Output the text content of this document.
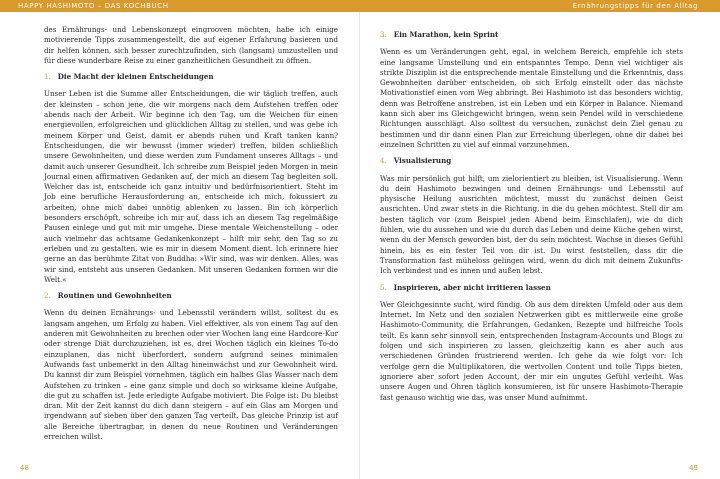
HAPPY HASHIMOTO – DAS KOCHBUCH

des Ernährungs- und Lebenskonzept eingrooven möchten, habe ich einige motivierende Tipps zusammengestellt, die auf eigener Erfahrung basieren und dir helfen können, sich besser zurechtzufinden, sich (langsam) umzustellen und für diese wunderbare Reise zu einer ganzheitlichen Gesundheit zu öffnen.

1. Die Macht der kleinen Entscheidungen

Unser Leben ist die Summe aller Entscheidungen, die wir täglich treffen, auch der kleinsten – schon jene, die wir morgens nach dem Aufstehen treffen oder abends nach der Arbeit. Wir beginne ich den Tag, um die Weichen für einen energievollen, erfolgreichen und glücklichen Alltag zu stellen, und was gebe ich meinem Körper und Geist, damit er abends ruhen und Kraft tanken kann? Entscheidungen, die wir bewusst (immer wieder) treffen, bilden schließlich unsere Gewohnheiten, und diese werden zum Fundament unseres Alltags – und damit auch unserer Gesundheit. Ich schreibe zum Beispiel jeden Morgen in mein Journal einen affirmativen Gedanken auf, der mich an diesem Tag begleiten soll. Welcher das ist, entscheide ich ganz intuitiv und bedürfnisorientiert. Steht im Job eine berufliche Herausforderung an, entscheide ich mich, fokussiert zu arbeiten, ohne mich dabei unnötig ablenken zu lassen. Bin ich körperlich besonders erschöpft, schreibe ich mir auf, dass ich an diesem Tag regelmäßige Pausen einlege und gut mit mir umgehe. Diese mentale Weichenstellung – oder auch vielmehr das achtsame Gedankenkonzept – hilft mir sehr, den Tag so zu erleben und zu gestalten, wie es mir in diesem Moment dient. Ich erinnere hier gerne an das berühmte Zitat von Buddha: »Wir sind, was wir denken. Alles, was wir sind, entsteht aus unseren Gedanken. Mit unseren Gedanken formen wir die Welt.«

2. Routinen und Gewohnheiten

Wenn du deinen Ernährungs- und Lebensstil verändern willst, solltest du es langsam angehen, um Erfolg zu haben. Viel effektiver, als von einem Tag auf den anderen mit Gewohnheiten zu brechen oder vier Wochen lang eine Hardcore-Kur oder strenge Diät durchzuziehen, ist es, drei Wochen täglich ein kleines To-do einzuplanen, das nicht überfordert, sondern aufgrund seines minimalen Aufwands fast unbemerkt in den Alltag hineinwächst und zur Gewohnheit wird. Du kannst dir zum Beispiel vornehmen, täglich ein halbes Glas Wasser nach dem Aufstehen zu trinken – eine ganz simple und doch so wirksame kleine Aufgabe, die gut zu schaffen ist. Jede erledigte Aufgabe motiviert. Die Folge ist: Du bleibst dran. Mit der Zeit kannst du dich dann steigern – auf ein Glas am Morgen und irgendwann auf sieben über den ganzen Tag verteilt. Das gleiche Prinzip ist auf alle Bereiche übertragbar, in denen du neue Routinen und Veränderungen erreichen willst.

48
Ernährungstipps für den Alltag
3. Ein Marathon, kein Sprint

Wenn es um Veränderungen geht, egal, in welchem Bereich, empfehle ich stets eine langsame Umstellung und ein entspanntes Tempo. Denn viel wichtiger als strikte Disziplin ist die entsprechende mentale Einstellung und die Erkenntnis, dass Gewohnheiten darüber entscheiden, ob sich Erfolg einstellt oder das nächste Motivationstief einen vom Weg abbringt. Bei Hashimoto ist das besonders wichtig, denn was Betroffene anstreben, ist ein Leben und ein Körper in Balance. Niemand kann sich aber ins Gleichgewicht bringen, wenn sein Pendel wild in verschiedene Richtungen ausschlägt. Also solltest du versuchen, zunächst dein Ziel genau zu bestimmen und dir dann einen Plan zur Erreichung überlegen, ohne dir dabei bei einzelnen Schritten zu viel auf einmal vorzunehmen.

4. Visualisierung

Was mir persönlich gut hilft, um zielorientiert zu bleiben, ist Visualisierung. Wenn du dein Hashimoto bezwingen und deinen Ernährungs- und Lebensstil auf physische Heilung ausrichten möchtest, musst du zunächst deinen Geist ausrichten. Und zwar stets in die Richtung, in die du gehen möchtest. Stell dir am besten täglich vor (zum Beispiel jeden Abend beim Einschlafen), wie du dich fühlen, wie du aussehen und wie du durch das Leben und deine Küche gehen wirst, wenn du der Mensch geworden bist, der du sein möchtest. Wachse in dieses Gefühl hinein, bis es ein fester Teil von dir ist. Du wirst feststellen, dass dir die Transformation fast müheloss gelingen wird, wenn du dich mit deinem Zukunfts-Ich verbindest und es innen und außen lebst.

5. Inspirieren, aber nicht irritieren lassen

Wer Gleichgesinnte sucht, wird fündig. Ob aus dem direkten Umfeld oder aus dem Internet. Im Netz und den sozialen Netzwerken gibt es mittlerweile eine große Hashimoto-Community, die Erfahrungen, Gedanken, Rezepte und hilfreiche Tools teilt. Es kann sehr sinnvoll sein, entsprechenden Instagram-Accounts und Blogs zu folgen und sich inspirieren zu lassen, gleichzeitig kann es aber auch aus verschiedenen Gründen frustrierend werden. Ich gehe da wie folgt vor: Ich verfolge gern die Multiplikatoren, die wertvollen Content und tolle Tipps bieten, ignoriere aber sofort jeden Account, der mir ein ungutes Gefühl verleiht. Was unsere Augen und Ohren täglich konsumieren, ist für unsere Hashimoto-Therapie fast genauso wichtig wie das, was unser Mund aufnimmt.

49
